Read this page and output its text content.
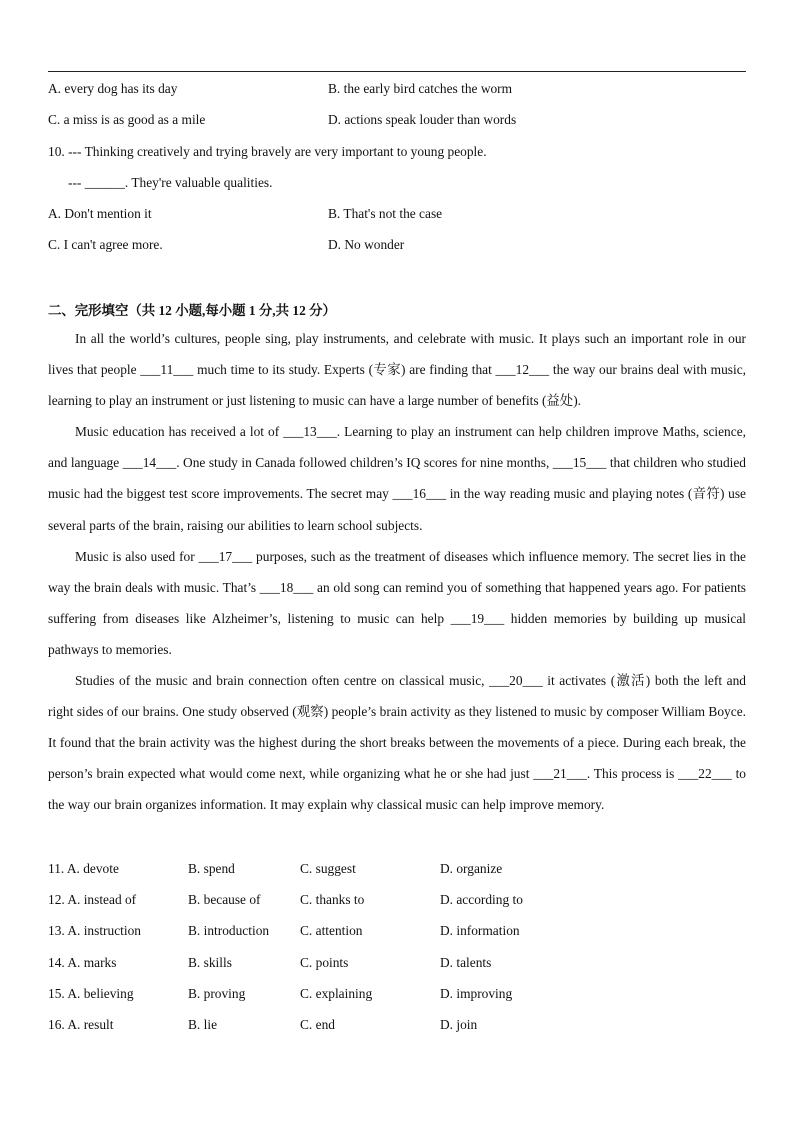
A. every dog has its day	B. the early bird catches the worm
C. a miss is as good as a mile	D. actions speak louder than words
10. --- Thinking creatively and trying bravely are very important to young people.
--- ______. They're valuable qualities.
A. Don't mention it	B. That's not the case
C. I can't agree more.	D. No wonder
二、完形填空（共 12 小题,每小题 1 分,共 12 分）

In all the world’s cultures, people sing, play instruments, and celebrate with music. It plays such an important role in our lives that people ___11___ much time to its study. Experts (专家) are finding that ___12___ the way our brains deal with music, learning to play an instrument or just listening to music can have a large number of benefits (益处).

Music education has received a lot of ___13___. Learning to play an instrument can help children improve Maths, science, and language ___14___. One study in Canada followed children’s IQ scores for nine months, ___15___ that children who studied music had the biggest test score improvements. The secret may ___16___ in the way reading music and playing notes (音符) use several parts of the brain, raising our abilities to learn school subjects.

Music is also used for ___17___ purposes, such as the treatment of diseases which influence memory. The secret lies in the way the brain deals with music. That’s ___18___ an old song can remind you of something that happened years ago. For patients suffering from diseases like Alzheimer’s, listening to music can help ___19___ hidden memories by building up musical pathways to memories.

Studies of the music and brain connection often centre on classical music, ___20___ it activates (激活) both the left and right sides of our brains. One study observed (观察) people’s brain activity as they listened to music by composer William Boyce. It found that the brain activity was the highest during the short breaks between the movements of a piece. During each break, the person’s brain expected what would come next, while organizing what he or she had just ___21___. This process is ___22___ to the way our brain organizes information. It may explain why classical music can help improve memory.

11. A. devote	B. spend	C. suggest	D. organize
12. A. instead of	B. because of	C. thanks to	D. according to
13. A. instruction	B. introduction C. attention	D. information
14. A. marks	B. skills	C. points	D. talents
15. A. believing	B. proving	C. explaining	D. improving
16. A. result	B. lie	C. end	D. join
